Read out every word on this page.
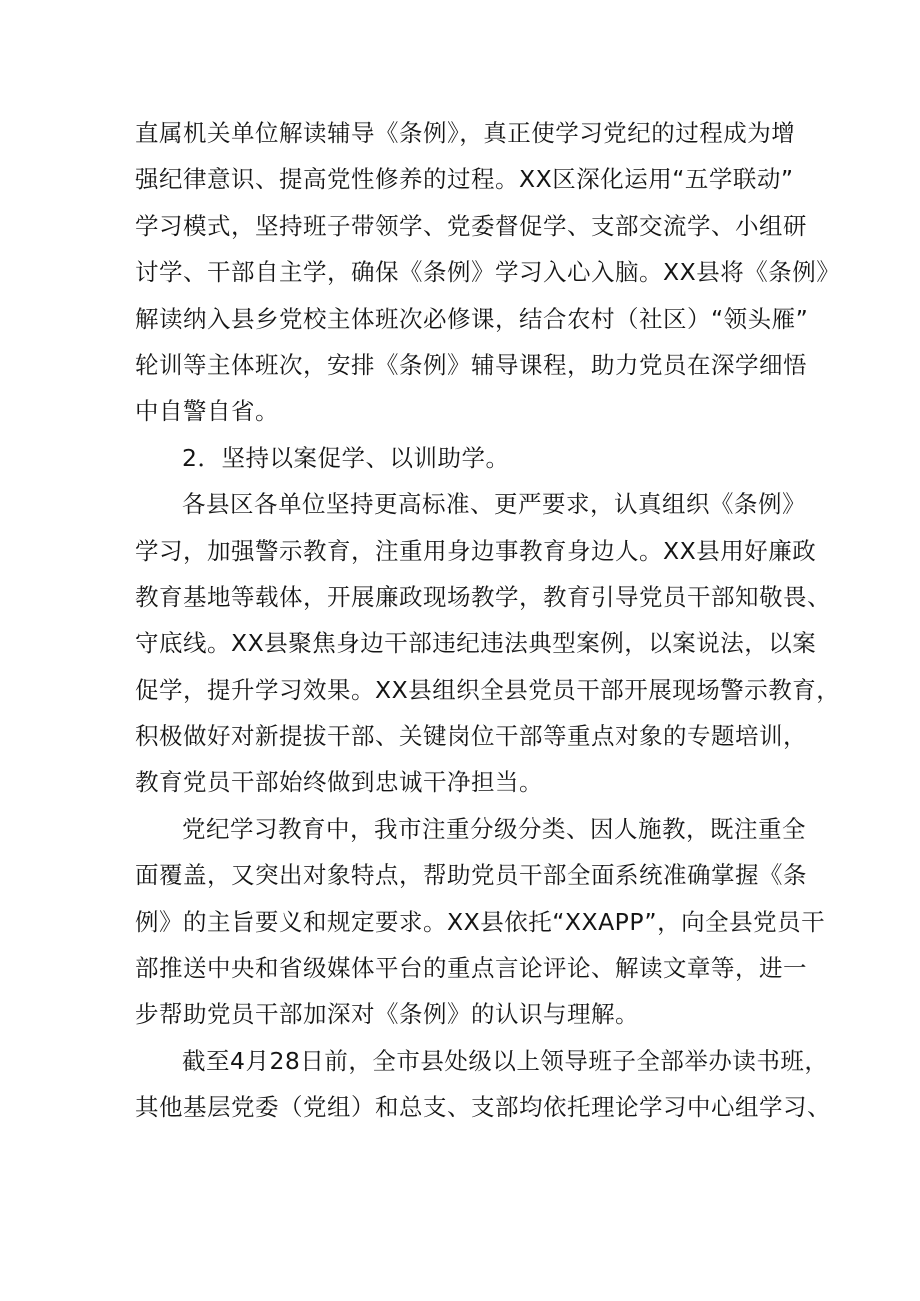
直属机关单位解读辅导《条例》，真正使学习党纪的过程成为增
强纪律意识、提高党性修养的过程。XX区深化运用“五学联动”
学习模式，坚持班子带领学、党委督促学、支部交流学、小组研
讨学、干部自主学，确保《条例》学习入心入脑。XX县将《条例》
解读纳入县乡党校主体班次必修课，结合农村（社区）“领头雁”
轮训等主体班次，安排《条例》辅导课程，助力党员在深学细悟
中自警自省。
2．坚持以案促学、以训助学。
各县区各单位坚持更高标准、更严要求，认真组织《条例》
学习，加强警示教育，注重用身边事教育身边人。XX县用好廉政
教育基地等载体，开展廉政现场教学，教育引导党员干部知敬畏、
守底线。XX县聚焦身边干部违纪违法典型案例，以案说法，以案
促学，提升学习效果。XX县组织全县党员干部开展现场警示教育，
积极做好对新提拔干部、关键岗位干部等重点对象的专题培训，
教育党员干部始终做到忠诚干净担当。
党纪学习教育中，我市注重分级分类、因人施教，既注重全
面覆盖，又突出对象特点，帮助党员干部全面系统准确掌握《条
例》的主旨要义和规定要求。XX县依托“XXAPP”，向全县党员干
部推送中央和省级媒体平台的重点言论评论、解读文章等，进一
步帮助党员干部加深对《条例》的认识与理解。
截至4月28日前，全市县处级以上领导班子全部举办读书班，
其他基层党委（党组）和总支、支部均依托理论学习中心组学习、
